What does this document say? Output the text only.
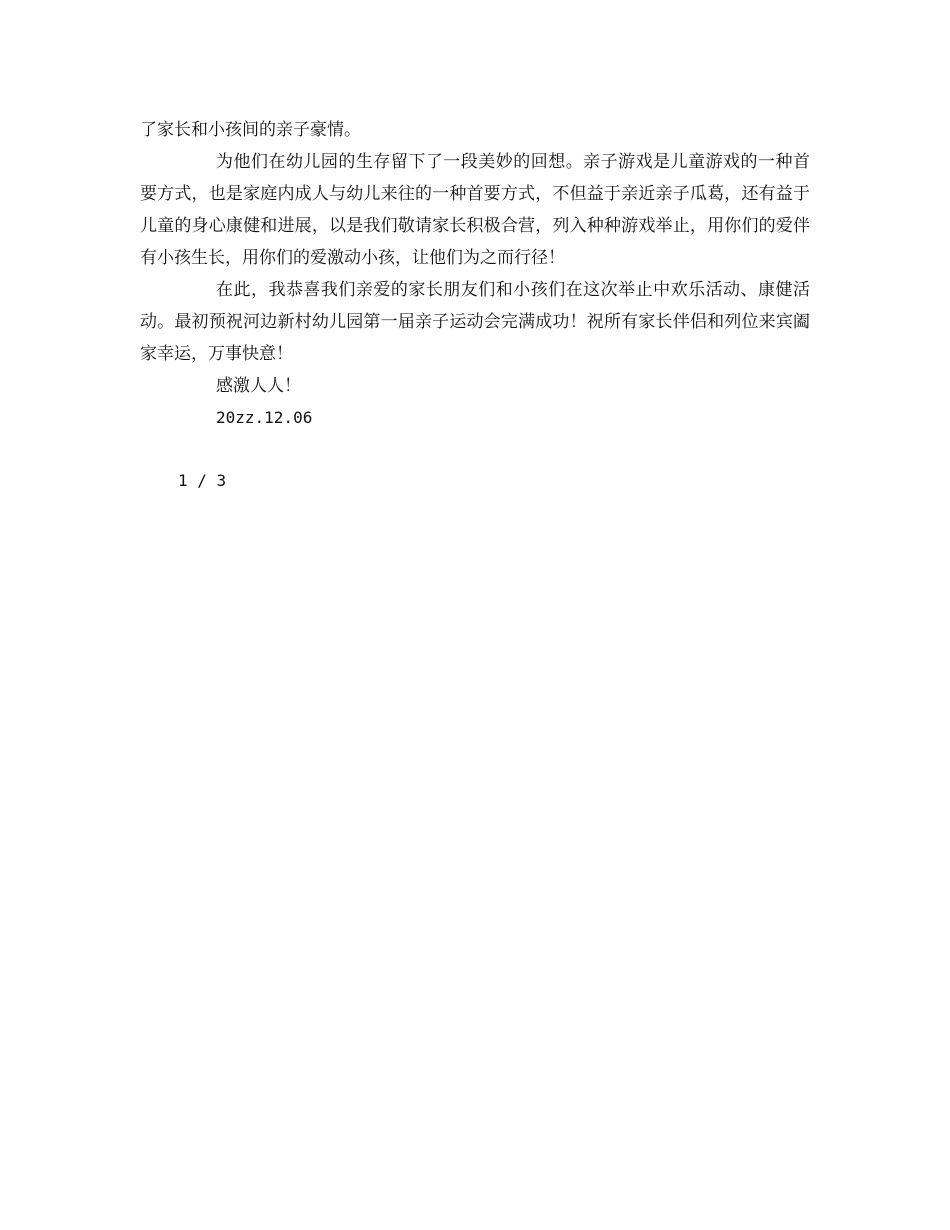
了家长和小孩间的亲子豪情。

为他们在幼儿园的生存留下了一段美妙的回想。亲子游戏是儿童游戏的一种首要方式，也是家庭内成人与幼儿来往的一种首要方式，不但益于亲近亲子瓜葛，还有益于儿童的身心康健和进展，以是我们敬请家长积极合营，列入种种游戏举止，用你们的爱伴有小孩生长，用你们的爱激动小孩，让他们为之而行径！

在此，我恭喜我们亲爱的家长朋友们和小孩们在这次举止中欢乐活动、康健活动。最初预祝河边新村幼儿园第一届亲子运动会完满成功！祝所有家长伴侣和列位来宾阖家幸运，万事快意！

感激人人！

20zz.12.06

1 / 3
